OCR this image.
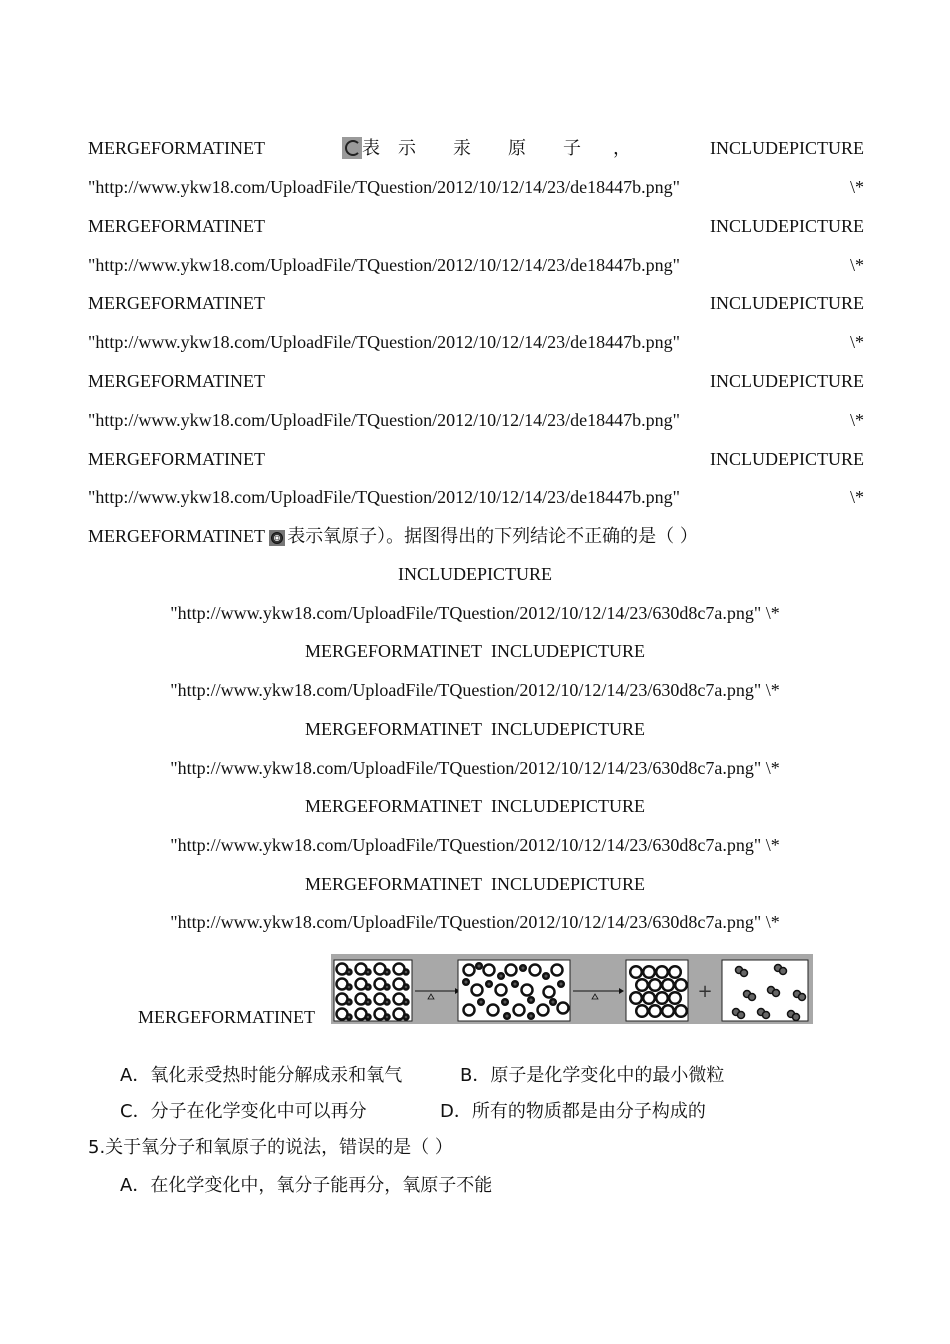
MERGEFORMATINET	表	示	汞	原	子	，	INCLUDEPICTURE
"http://www.ykw18.com/UploadFile/TQuestion/2012/10/12/14/23/de18447b.png"	\*
MERGEFORMATINET	INCLUDEPICTURE
"http://www.ykw18.com/UploadFile/TQuestion/2012/10/12/14/23/de18447b.png"	\*
MERGEFORMATINET	INCLUDEPICTURE
"http://www.ykw18.com/UploadFile/TQuestion/2012/10/12/14/23/de18447b.png"	\*
MERGEFORMATINET	INCLUDEPICTURE
"http://www.ykw18.com/UploadFile/TQuestion/2012/10/12/14/23/de18447b.png"	\*
MERGEFORMATINET	INCLUDEPICTURE
"http://www.ykw18.com/UploadFile/TQuestion/2012/10/12/14/23/de18447b.png"	\*
MERGEFORMATINET 表示氧原子）。据图得出的下列结论不正确的是（ ）
INCLUDEPICTURE
"http://www.ykw18.com/UploadFile/TQuestion/2012/10/12/14/23/630d8c7a.png" \*
MERGEFORMATINET INCLUDEPICTURE
"http://www.ykw18.com/UploadFile/TQuestion/2012/10/12/14/23/630d8c7a.png" \*
MERGEFORMATINET INCLUDEPICTURE
"http://www.ykw18.com/UploadFile/TQuestion/2012/10/12/14/23/630d8c7a.png" \*
MERGEFORMATINET INCLUDEPICTURE
"http://www.ykw18.com/UploadFile/TQuestion/2012/10/12/14/23/630d8c7a.png" \*
MERGEFORMATINET INCLUDEPICTURE
"http://www.ykw18.com/UploadFile/TQuestion/2012/10/12/14/23/630d8c7a.png" \*
MERGEFORMATINET
+
A．氧化汞受热时能分解成汞和氧气	B．原子是化学变化中的最小微粒
C．分子在化学变化中可以再分	D．所有的物质都是由分子构成的
5.关于氧分子和氧原子的说法，错误的是（ ）
A．在化学变化中，氧分子能再分，氧原子不能
